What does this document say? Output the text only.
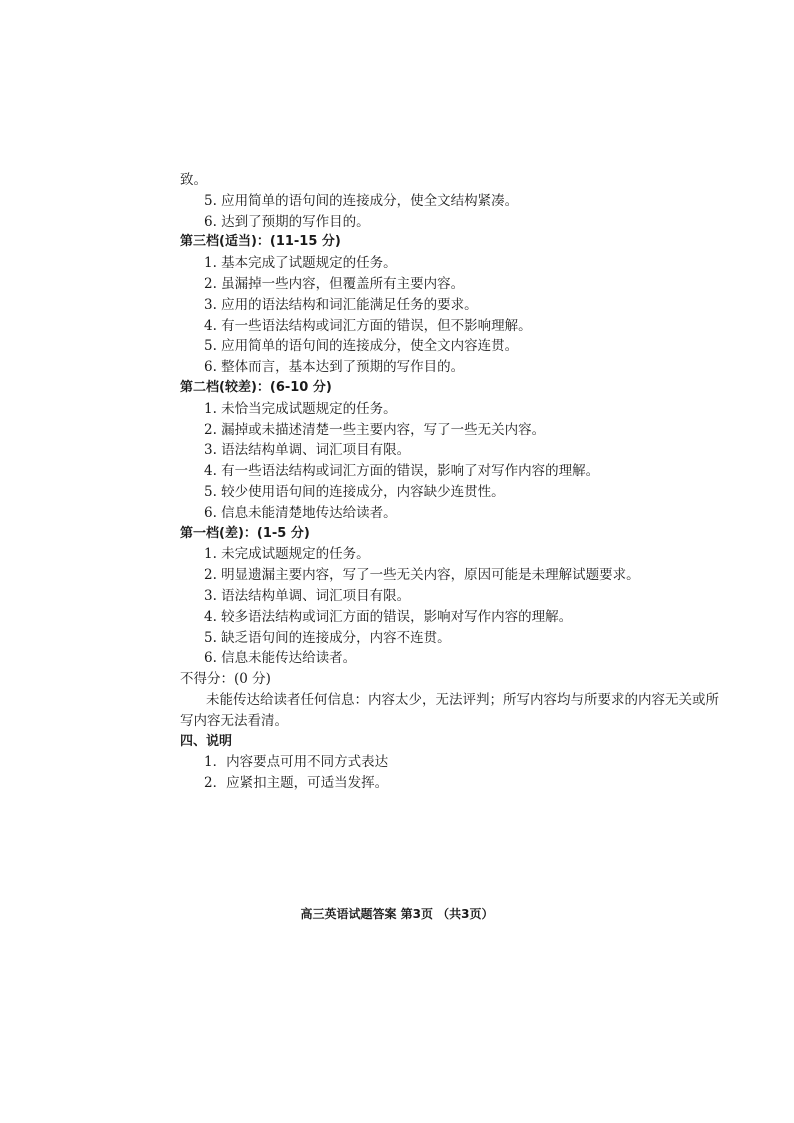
致。
5. 应用简单的语句间的连接成分，使全文结构紧凑。
6. 达到了预期的写作目的。
第三档(适当)：(11-15 分)
1. 基本完成了试题规定的任务。
2. 虽漏掉一些内容，但覆盖所有主要内容。
3. 应用的语法结构和词汇能满足任务的要求。
4. 有一些语法结构或词汇方面的错误，但不影响理解。
5. 应用简单的语句间的连接成分，使全文内容连贯。
6. 整体而言，基本达到了预期的写作目的。
第二档(较差)：(6-10 分)
1. 未恰当完成试题规定的任务。
2. 漏掉或未描述清楚一些主要内容，写了一些无关内容。
3. 语法结构单调、词汇项目有限。
4. 有一些语法结构或词汇方面的错误，影响了对写作内容的理解。
5. 较少使用语句间的连接成分，内容缺少连贯性。
6. 信息未能清楚地传达给读者。
第一档(差)：(1-5 分)
1. 未完成试题规定的任务。
2. 明显遗漏主要内容，写了一些无关内容，原因可能是未理解试题要求。
3. 语法结构单调、词汇项目有限。
4. 较多语法结构或词汇方面的错误，影响对写作内容的理解。
5. 缺乏语句间的连接成分，内容不连贯。
6. 信息未能传达给读者。
不得分：(0 分)
未能传达给读者任何信息：内容太少，无法评判；所写内容均与所要求的内容无关或所
写内容无法看清。
四、说明
1．内容要点可用不同方式表达
2．应紧扣主题，可适当发挥。
高三英语试题答案 第3页 （共3页）
